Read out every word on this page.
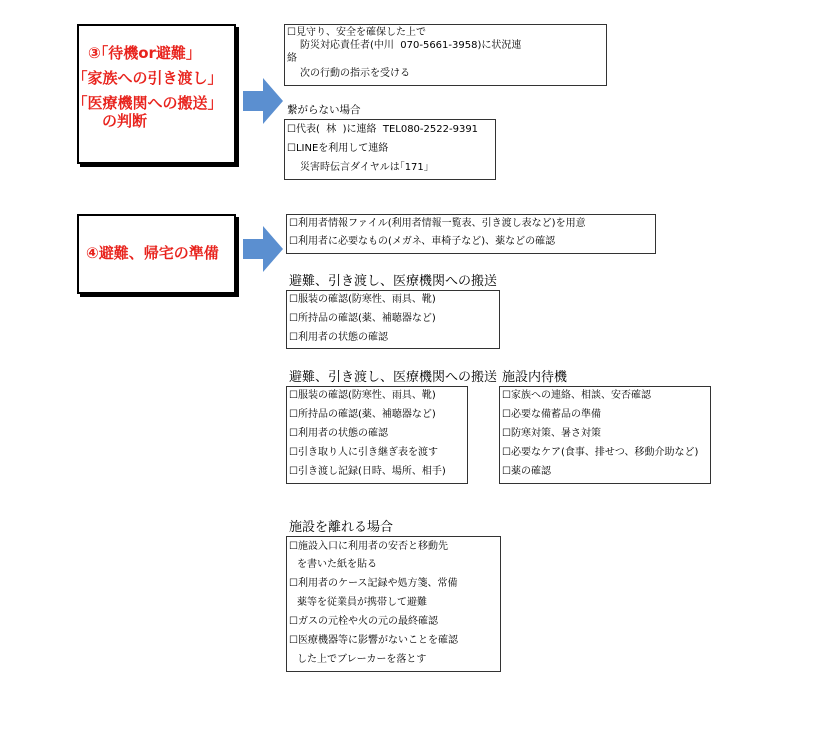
③｢待機or避難｣
｢家族への引き渡し｣
｢医療機関への搬送｣
の判断
☐見守り、安全を確保した上で
防災対応責任者(中川  070-5661-3958)に状況連
絡
次の行動の指示を受ける
繋がらない場合
☐代表(  林  )に連絡  TEL080-2522-9391
☐LINEを利用して連絡
災害時伝言ダイヤルは｢171｣
④避難、帰宅の準備
☐利用者情報ファイル(利用者情報一覧表、引き渡し表など)を用意
☐利用者に必要なもの(メガネ、車椅子など)、薬などの確認
避難、引き渡し、医療機関への搬送
☐服装の確認(防寒性、雨具、靴)
☐所持品の確認(薬、補聴器など)
☐利用者の状態の確認
避難、引き渡し、医療機関への搬送
☐服装の確認(防寒性、雨具、靴)
☐所持品の確認(薬、補聴器など)
☐利用者の状態の確認
☐引き取り人に引き継ぎ表を渡す
☐引き渡し記録(日時、場所、相手)
施設内待機
☐家族への連絡、相談、安否確認
☐必要な備蓄品の準備
☐防寒対策、暑さ対策
☐必要なケア(食事、排せつ、移動介助など)
☐薬の確認
施設を離れる場合
☐施設入口に利用者の安否と移動先
を書いた紙を貼る
☐利用者のケース記録や処方箋、常備
薬等を従業員が携帯して避難
☐ガスの元栓や火の元の最終確認
☐医療機器等に影響がないことを確認
した上でブレーカーを落とす
